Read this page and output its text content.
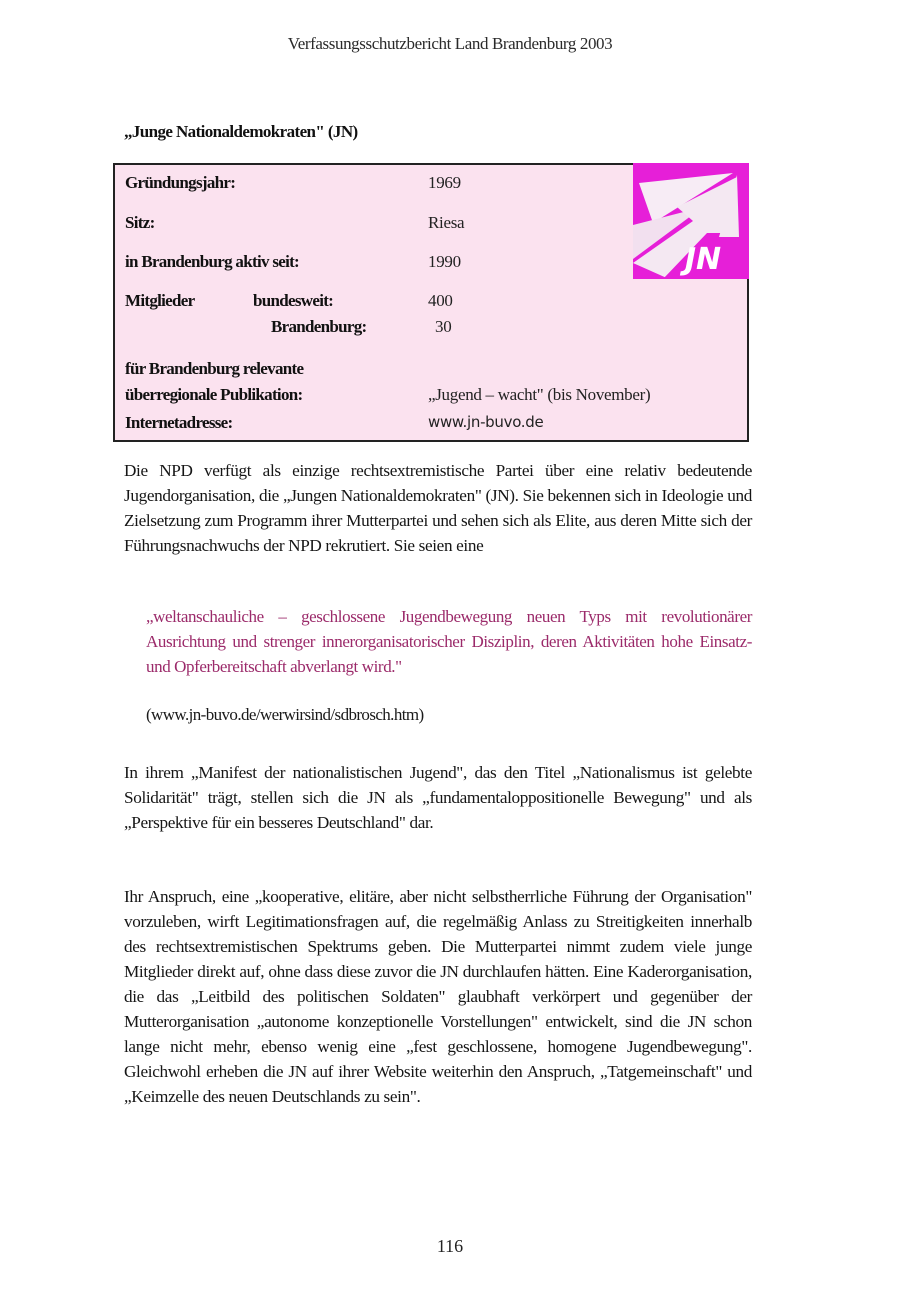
Verfassungsschutzbericht Land Brandenburg 2003
„Junge Nationaldemokraten" (JN)
JN
Gründungsjahr:	1969
Sitz:	Riesa
in Brandenburg aktiv seit:	1990
Mitglieder	bundesweit:	400
Brandenburg:	30
für Brandenburg relevante
überregionale Publikation:	„Jugend – wacht" (bis November)
Internetadresse:	www.jn-buvo.de

Die NPD verfügt als einzige rechtsextremistische Partei über eine relativ bedeutende Jugendorganisation, die „Jungen Nationaldemokraten" (JN). Sie bekennen sich in Ideologie und Zielsetzung zum Programm ihrer Mutterpartei und sehen sich als Elite, aus deren Mitte sich der Führungsnachwuchs der NPD rekrutiert. Sie seien eine

„weltanschauliche – geschlossene Jugendbewegung neuen Typs mit revolutionärer Ausrichtung und strenger innerorganisatorischer Disziplin, deren Aktivitäten hohe Einsatz- und Opferbereitschaft abverlangt wird."

(www.jn-buvo.de/werwirsind/sdbrosch.htm)

In ihrem „Manifest der nationalistischen Jugend", das den Titel „Nationalismus ist gelebte Solidarität" trägt, stellen sich die JN als „fundamentaloppositionelle Bewegung" und als „Perspektive für ein besseres Deutschland" dar.

Ihr Anspruch, eine „kooperative, elitäre, aber nicht selbstherrliche Führung der Organisation" vorzuleben, wirft Legitimationsfragen auf, die regelmäßig Anlass zu Streitigkeiten innerhalb des rechtsextremistischen Spektrums geben. Die Mutterpartei nimmt zudem viele junge Mitglieder direkt auf, ohne dass diese zuvor die JN durchlaufen hätten. Eine Kaderorganisation, die das „Leitbild des politischen Soldaten" glaubhaft verkörpert und gegenüber der Mutterorganisation „autonome konzeptionelle Vorstellungen" entwickelt, sind die JN schon lange nicht mehr, ebenso wenig eine „fest geschlossene, homogene Jugendbewegung". Gleichwohl erheben die JN auf ihrer Website weiterhin den Anspruch, „Tatgemeinschaft" und „Keimzelle des neuen Deutschlands zu sein".

116
